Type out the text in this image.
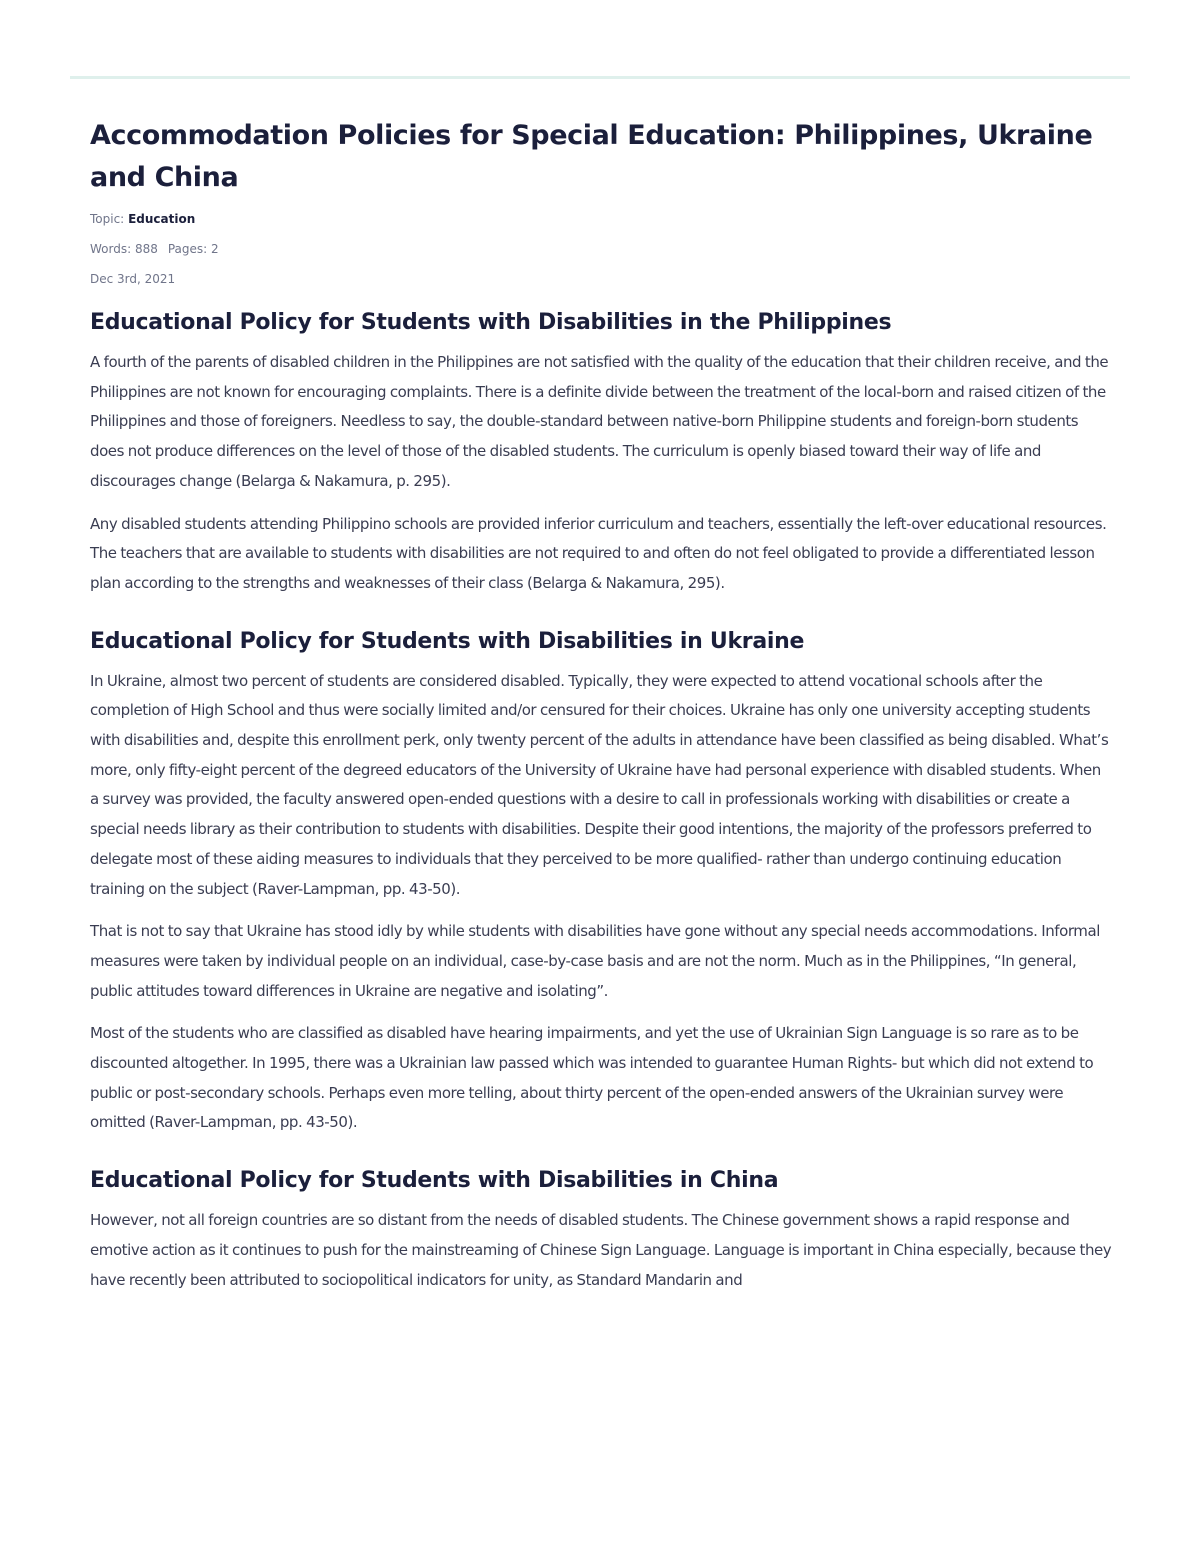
Accommodation Policies for Special Education: Philippines, Ukraine and China

Topic: Education

Words: 888 Pages: 2

Dec 3rd, 2021

Educational Policy for Students with Disabilities in the Philippines

A fourth of the parents of disabled children in the Philippines are not satisfied with the quality of the education that their children receive, and the Philippines are not known for encouraging complaints. There is a definite divide between the treatment of the local-born and raised citizen of the Philippines and those of foreigners. Needless to say, the double-standard between native-born Philippine students and foreign-born students does not produce differences on the level of those of the disabled students. The curriculum is openly biased toward their way of life and discourages change (Belarga & Nakamura, p. 295).

Any disabled students attending Philippino schools are provided inferior curriculum and teachers, essentially the left-over educational resources. The teachers that are available to students with disabilities are not required to and often do not feel obligated to provide a differentiated lesson plan according to the strengths and weaknesses of their class (Belarga & Nakamura, 295).

Educational Policy for Students with Disabilities in Ukraine

In Ukraine, almost two percent of students are considered disabled. Typically, they were expected to attend vocational schools after the completion of High School and thus were socially limited and/or censured for their choices. Ukraine has only one university accepting students with disabilities and, despite this enrollment perk, only twenty percent of the adults in attendance have been classified as being disabled. What’s more, only fifty-eight percent of the degreed educators of the University of Ukraine have had personal experience with disabled students. When a survey was provided, the faculty answered open-ended questions with a desire to call in professionals working with disabilities or create a special needs library as their contribution to students with disabilities. Despite their good intentions, the majority of the professors preferred to delegate most of these aiding measures to individuals that they perceived to be more qualified- rather than undergo continuing education training on the subject (Raver-Lampman, pp. 43-50).

That is not to say that Ukraine has stood idly by while students with disabilities have gone without any special needs accommodations. Informal measures were taken by individual people on an individual, case-by-case basis and are not the norm. Much as in the Philippines, “In general, public attitudes toward differences in Ukraine are negative and isolating”.

Most of the students who are classified as disabled have hearing impairments, and yet the use of Ukrainian Sign Language is so rare as to be discounted altogether. In 1995, there was a Ukrainian law passed which was intended to guarantee Human Rights- but which did not extend to public or post-secondary schools. Perhaps even more telling, about thirty percent of the open-ended answers of the Ukrainian survey were omitted (Raver-Lampman, pp. 43-50).

Educational Policy for Students with Disabilities in China

However, not all foreign countries are so distant from the needs of disabled students. The Chinese government shows a rapid response and emotive action as it continues to push for the mainstreaming of Chinese Sign Language. Language is important in China especially, because they have recently been attributed to sociopolitical indicators for unity, as Standard Mandarin and
